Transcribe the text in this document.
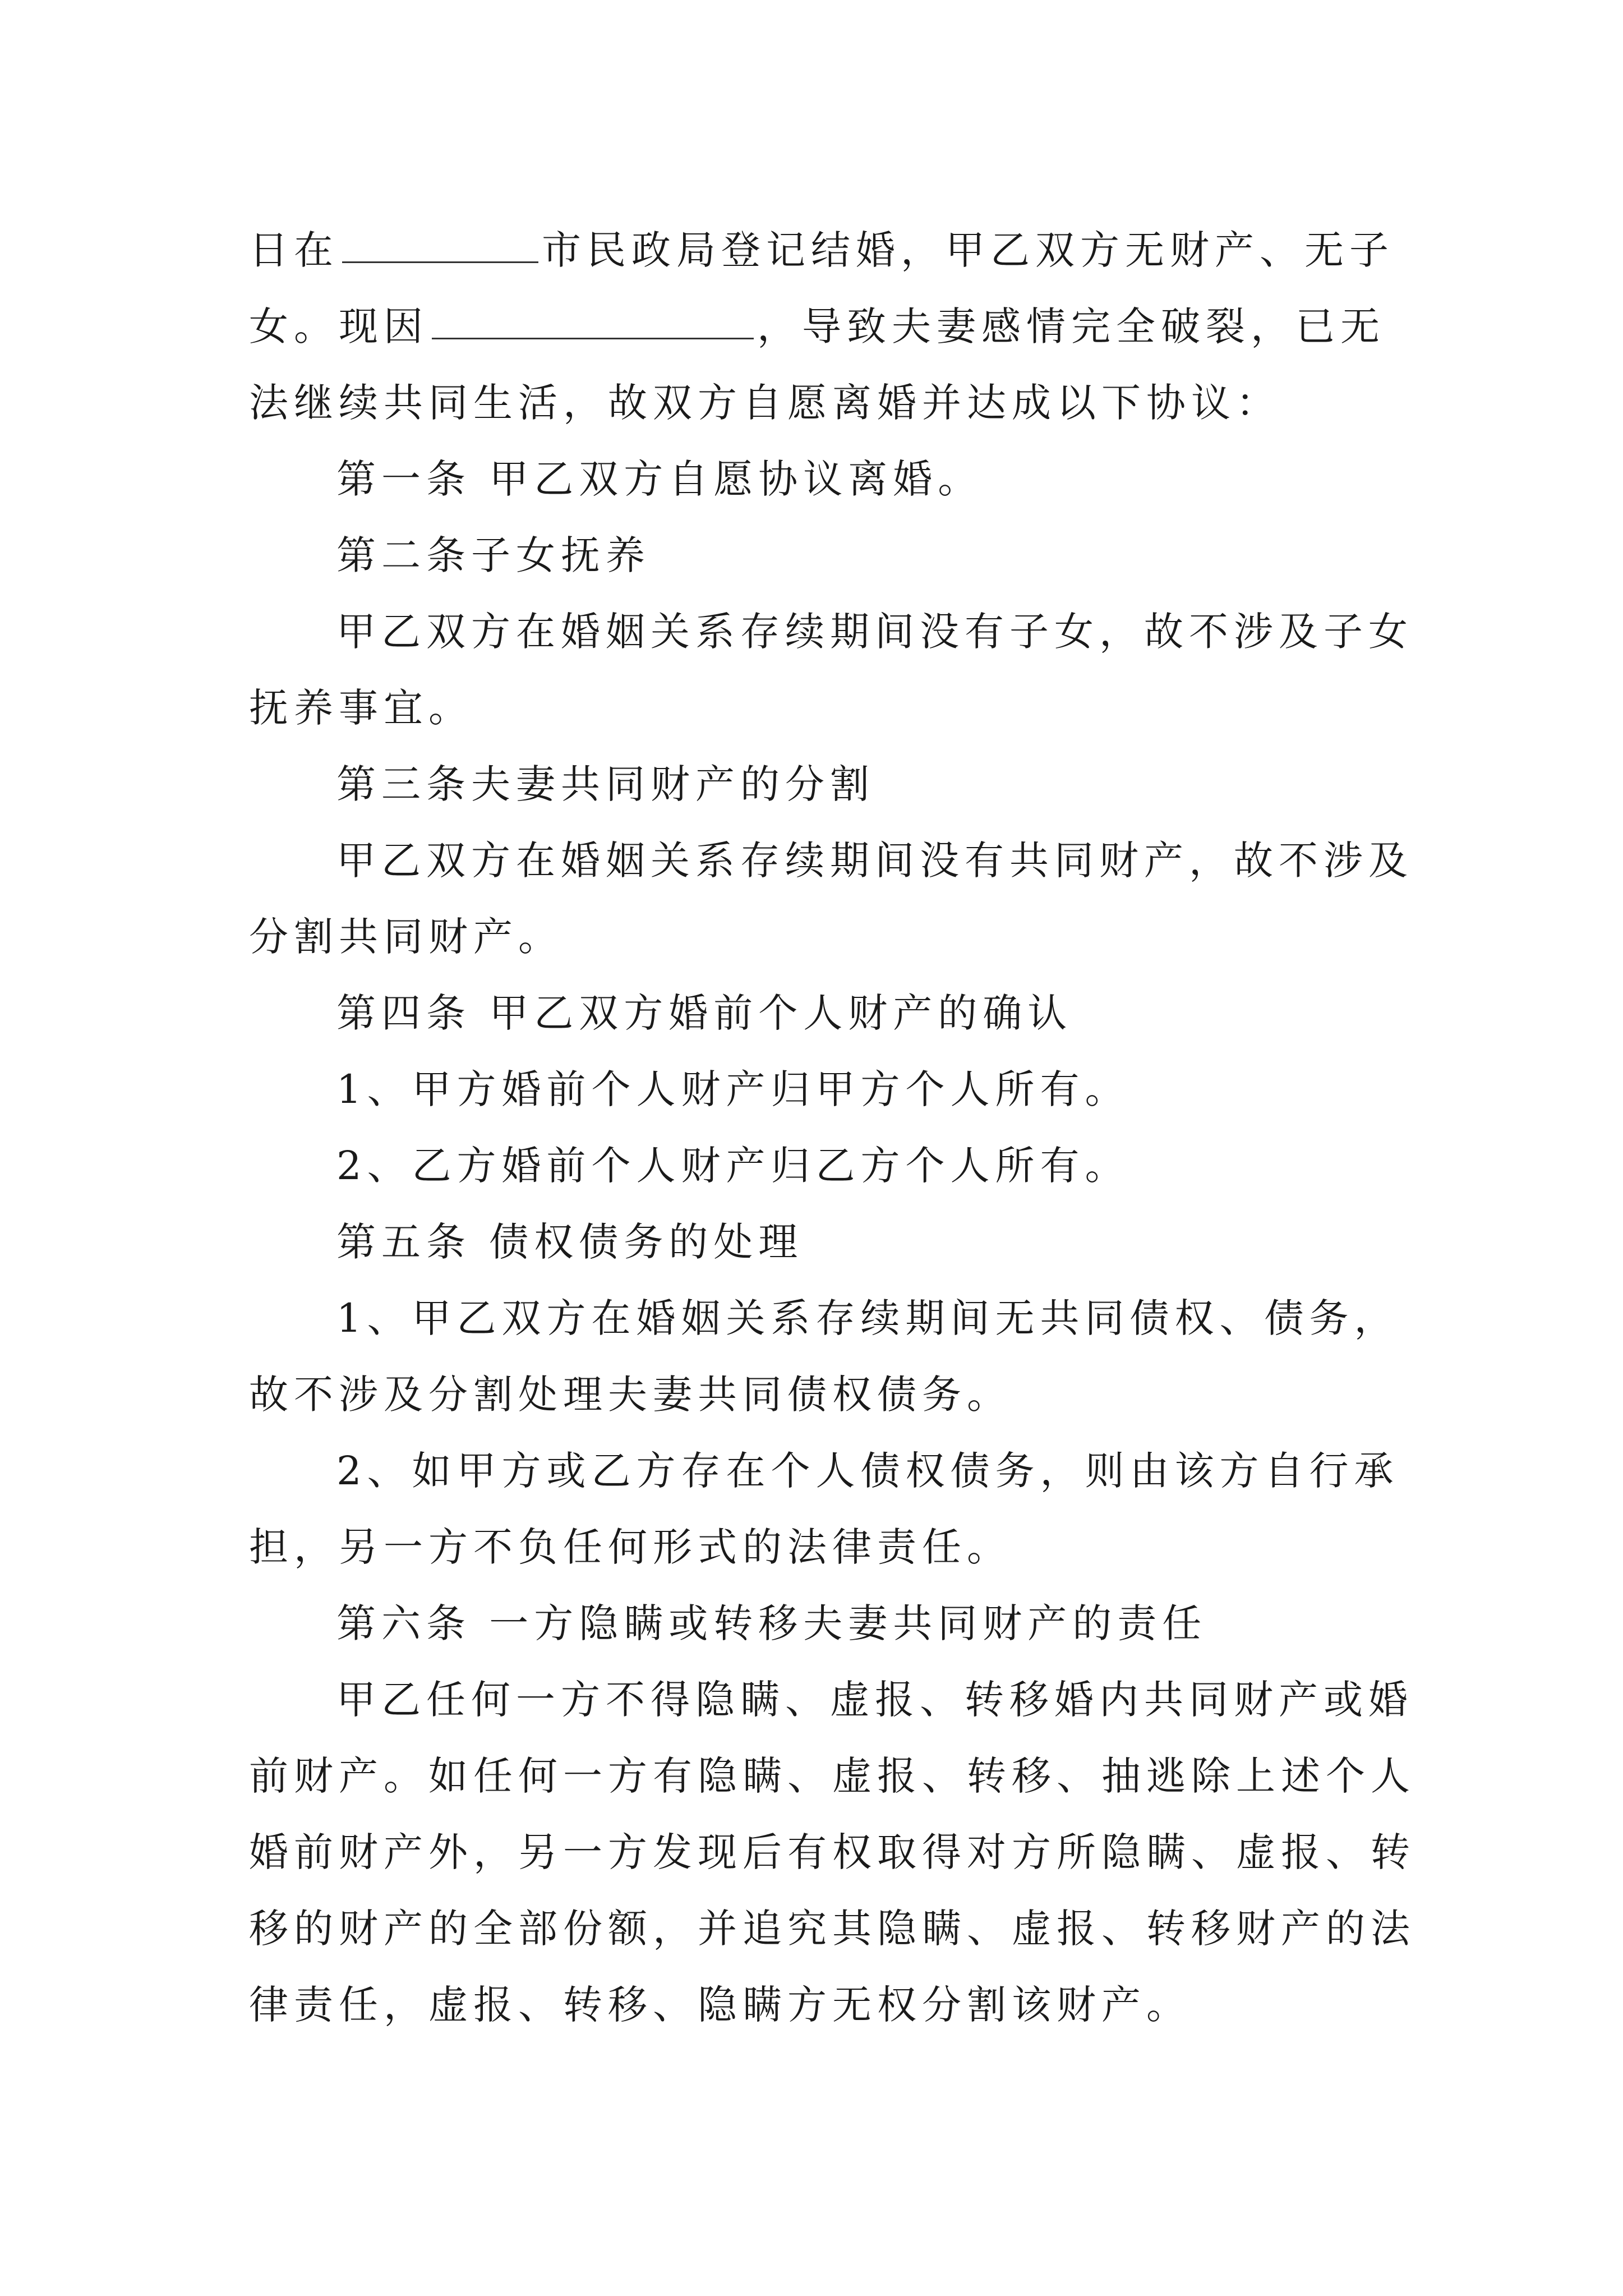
日在	市民政局登记结婚，甲乙双方无财产、无子
女。现因	，导致夫妻感情完全破裂，已无
法继续共同生活，故双方自愿离婚并达成以下协议：
第一条 甲乙双方自愿协议离婚。
第二条子女抚养
甲乙双方在婚姻关系存续期间没有子女，故不涉及子女
抚养事宜。
第三条夫妻共同财产的分割
甲乙双方在婚姻关系存续期间没有共同财产，故不涉及
分割共同财产。
第四条 甲乙双方婚前个人财产的确认
1、甲方婚前个人财产归甲方个人所有。
2、乙方婚前个人财产归乙方个人所有。
第五条 债权债务的处理
1、甲乙双方在婚姻关系存续期间无共同债权、债务，
故不涉及分割处理夫妻共同债权债务。
2、如甲方或乙方存在个人债权债务，则由该方自行承
担，另一方不负任何形式的法律责任。
第六条 一方隐瞒或转移夫妻共同财产的责任
甲乙任何一方不得隐瞒、虚报、转移婚内共同财产或婚
前财产。如任何一方有隐瞒、虚报、转移、抽逃除上述个人
婚前财产外，另一方发现后有权取得对方所隐瞒、虚报、转
移的财产的全部份额，并追究其隐瞒、虚报、转移财产的法
律责任，虚报、转移、隐瞒方无权分割该财产。
